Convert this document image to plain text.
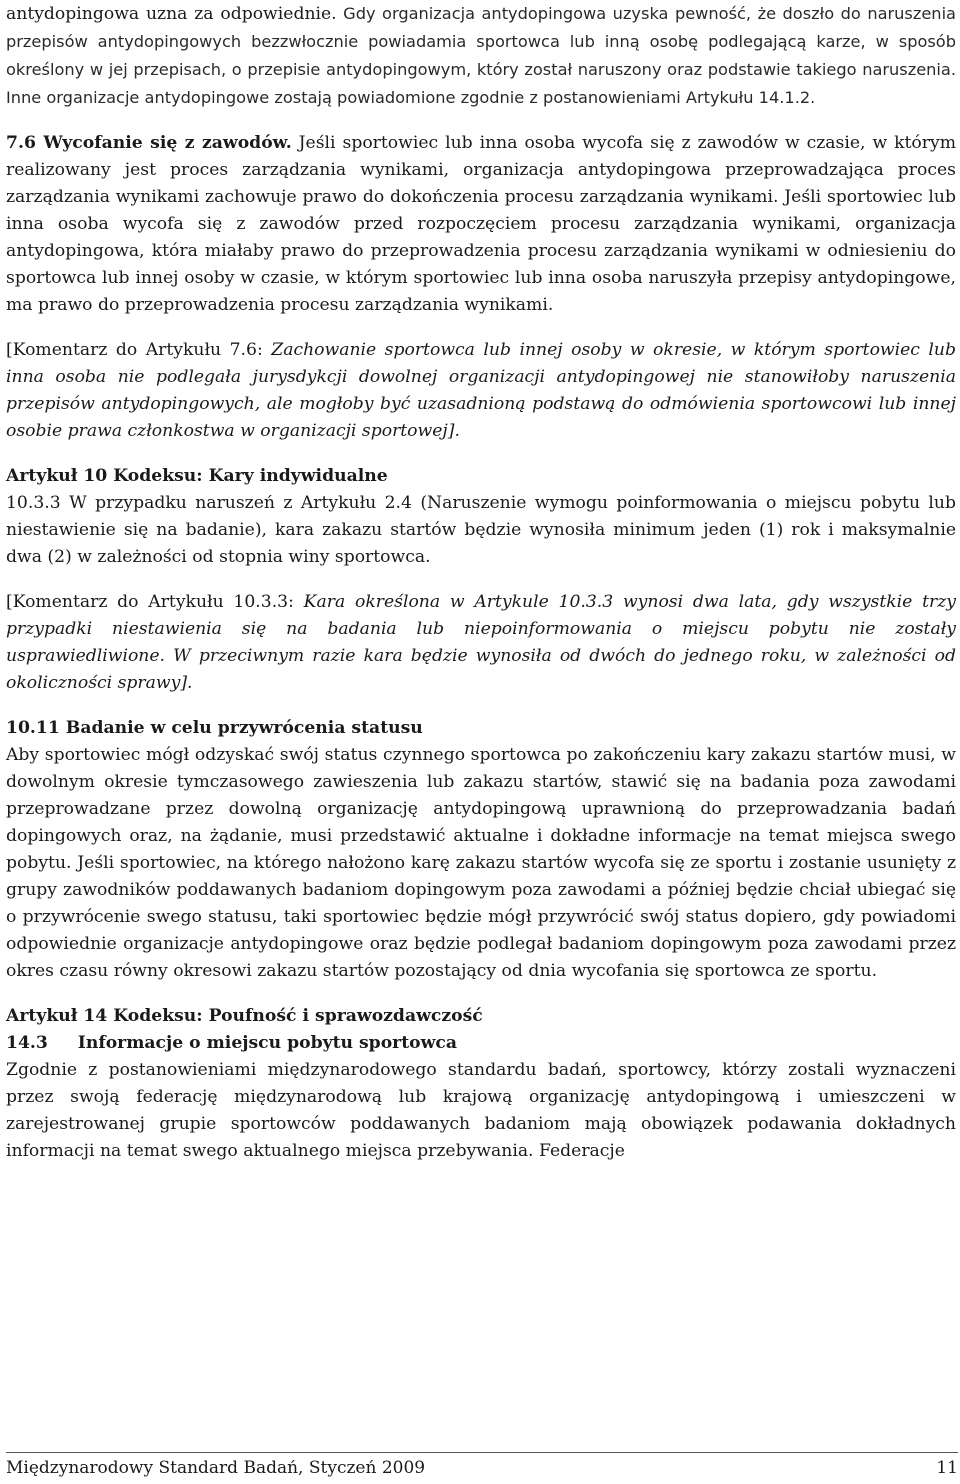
antydopingowa uzna za odpowiednie. Gdy organizacja antydopingowa uzyska pewność, że doszło do naruszenia przepisów antydopingowych bezzwłocznie powiadamia sportowca lub inną osobę podlegającą karze, w sposób określony w jej przepisach, o przepisie antydopingowym, który został naruszony oraz podstawie takiego naruszenia. Inne organizacje antydopingowe zostają powiadomione zgodnie z postanowieniami Artykułu 14.1.2.

7.6 Wycofanie się z zawodów. Jeśli sportowiec lub inna osoba wycofa się z zawodów w czasie, w którym realizowany jest proces zarządzania wynikami, organizacja antydopingowa przeprowadzająca proces zarządzania wynikami zachowuje prawo do dokończenia procesu zarządzania wynikami. Jeśli sportowiec lub inna osoba wycofa się z zawodów przed rozpoczęciem procesu zarządzania wynikami, organizacja antydopingowa, która miałaby prawo do przeprowadzenia procesu zarządzania wynikami w odniesieniu do sportowca lub innej osoby w czasie, w którym sportowiec lub inna osoba naruszyła przepisy antydopingowe, ma prawo do przeprowadzenia procesu zarządzania wynikami.

[Komentarz do Artykułu 7.6: Zachowanie sportowca lub innej osoby w okresie, w którym sportowiec lub inna osoba nie podlegała jurysdykcji dowolnej organizacji antydopingowej nie stanowiłoby naruszenia przepisów antydopingowych, ale mogłoby być uzasadnioną podstawą do odmówienia sportowcowi lub innej osobie prawa członkostwa w organizacji sportowej].

Artykuł 10 Kodeksu: Kary indywidualne

10.3.3 W przypadku naruszeń z Artykułu 2.4 (Naruszenie wymogu poinformowania o miejscu pobytu lub niestawienie się na badanie), kara zakazu startów będzie wynosiła minimum jeden (1) rok i maksymalnie dwa (2) w zależności od stopnia winy sportowca.

[Komentarz do Artykułu 10.3.3: Kara określona w Artykule 10.3.3 wynosi dwa lata, gdy wszystkie trzy przypadki niestawienia się na badania lub niepoinformowania o miejscu pobytu nie zostały usprawiedliwione. W przeciwnym razie kara będzie wynosiła od dwóch do jednego roku, w zależności od okoliczności sprawy].

10.11 Badanie w celu przywrócenia statusu

Aby sportowiec mógł odzyskać swój status czynnego sportowca po zakończeniu kary zakazu startów musi, w dowolnym okresie tymczasowego zawieszenia lub zakazu startów, stawić się na badania poza zawodami przeprowadzane przez dowolną organizację antydopingową uprawnioną do przeprowadzania badań dopingowych oraz, na żądanie, musi przedstawić aktualne i dokładne informacje na temat miejsca swego pobytu. Jeśli sportowiec, na którego nałożono karę zakazu startów wycofa się ze sportu i zostanie usunięty z grupy zawodników poddawanych badaniom dopingowym poza zawodami a później będzie chciał ubiegać się o przywrócenie swego statusu, taki sportowiec będzie mógł przywrócić swój status dopiero, gdy powiadomi odpowiednie organizacje antydopingowe oraz będzie podlegał badaniom dopingowym poza zawodami przez okres czasu równy okresowi zakazu startów pozostający od dnia wycofania się sportowca ze sportu.

Artykuł 14 Kodeksu: Poufność i sprawozdawczość

14.3     Informacje o miejscu pobytu sportowca

Zgodnie z postanowieniami międzynarodowego standardu badań, sportowcy, którzy zostali wyznaczeni przez swoją federację międzynarodową lub krajową organizację antydopingową i umieszczeni w zarejestrowanej grupie sportowców poddawanych badaniom mają obowiązek podawania dokładnych informacji na temat swego aktualnego miejsca przebywania. Federacje

Międzynarodowy Standard Badań, Styczeń 2009	11
